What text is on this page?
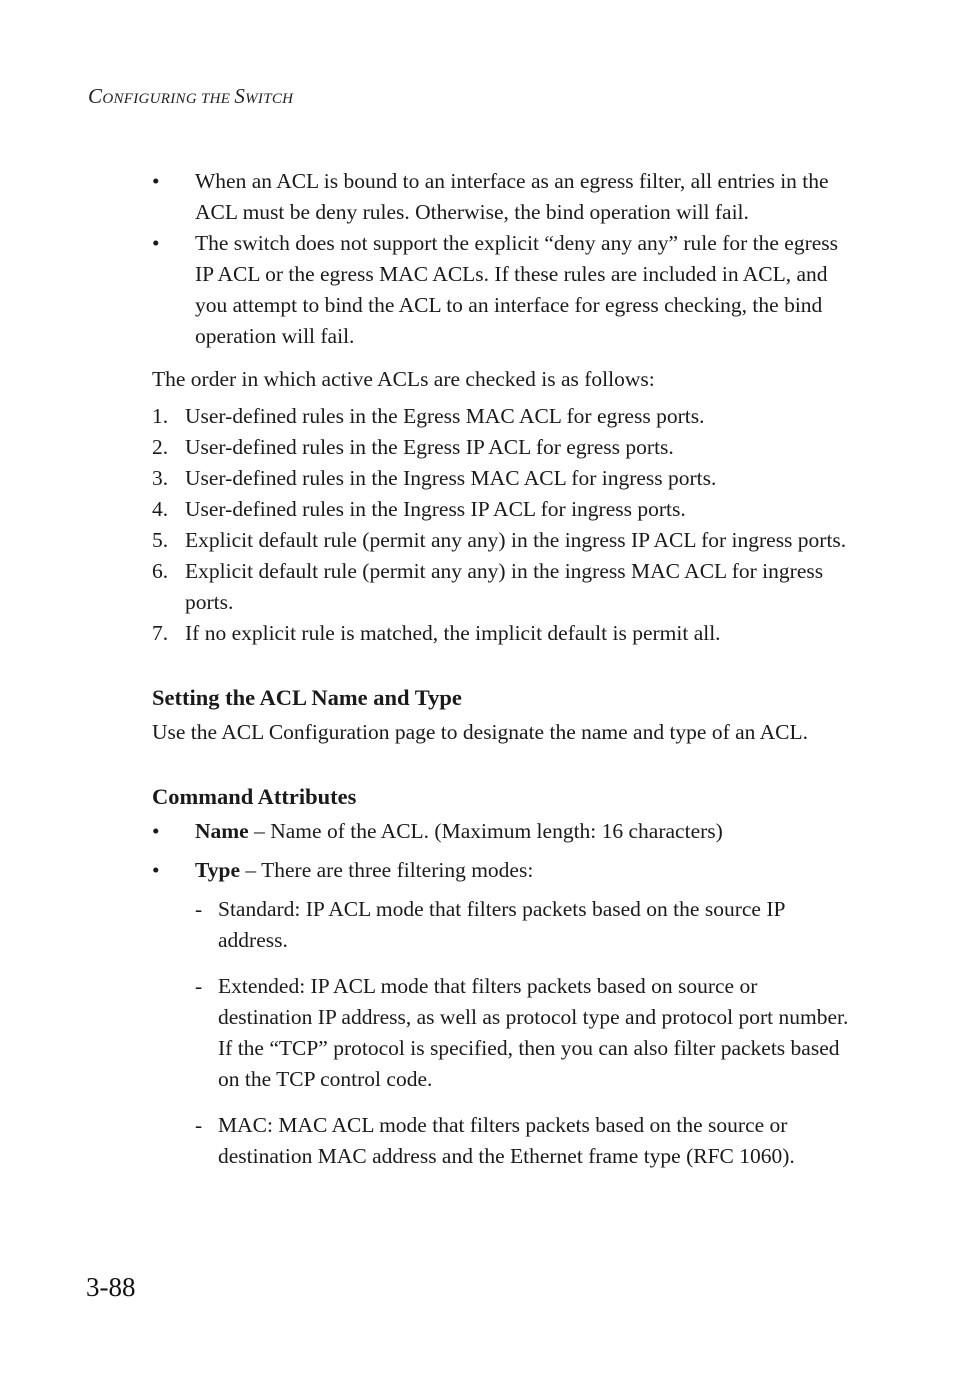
CONFIGURING THE SWITCH
•	When an ACL is bound to an interface as an egress filter, all entries in the ACL must be deny rules. Otherwise, the bind operation will fail.
•	The switch does not support the explicit “deny any any” rule for the egress IP ACL or the egress MAC ACLs. If these rules are included in ACL, and you attempt to bind the ACL to an interface for egress checking, the bind operation will fail.

The order in which active ACLs are checked is as follows:

1. User-defined rules in the Egress MAC ACL for egress ports.
2. User-defined rules in the Egress IP ACL for egress ports.
3. User-defined rules in the Ingress MAC ACL for ingress ports.
4. User-defined rules in the Ingress IP ACL for ingress ports.
5. Explicit default rule (permit any any) in the ingress IP ACL for ingress ports.
6. Explicit default rule (permit any any) in the ingress MAC ACL for ingress ports.
7. If no explicit rule is matched, the implicit default is permit all.
Setting the ACL Name and Type

Use the ACL Configuration page to designate the name and type of an ACL.

Command Attributes
• Name – Name of the ACL. (Maximum length: 16 characters)
• Type – There are three filtering modes:
- Standard: IP ACL mode that filters packets based on the source IP address.
- Extended: IP ACL mode that filters packets based on source or destination IP address, as well as protocol type and protocol port number. If the “TCP” protocol is specified, then you can also filter packets based on the TCP control code.
- MAC: MAC ACL mode that filters packets based on the source or destination MAC address and the Ethernet frame type (RFC 1060).
3-88
